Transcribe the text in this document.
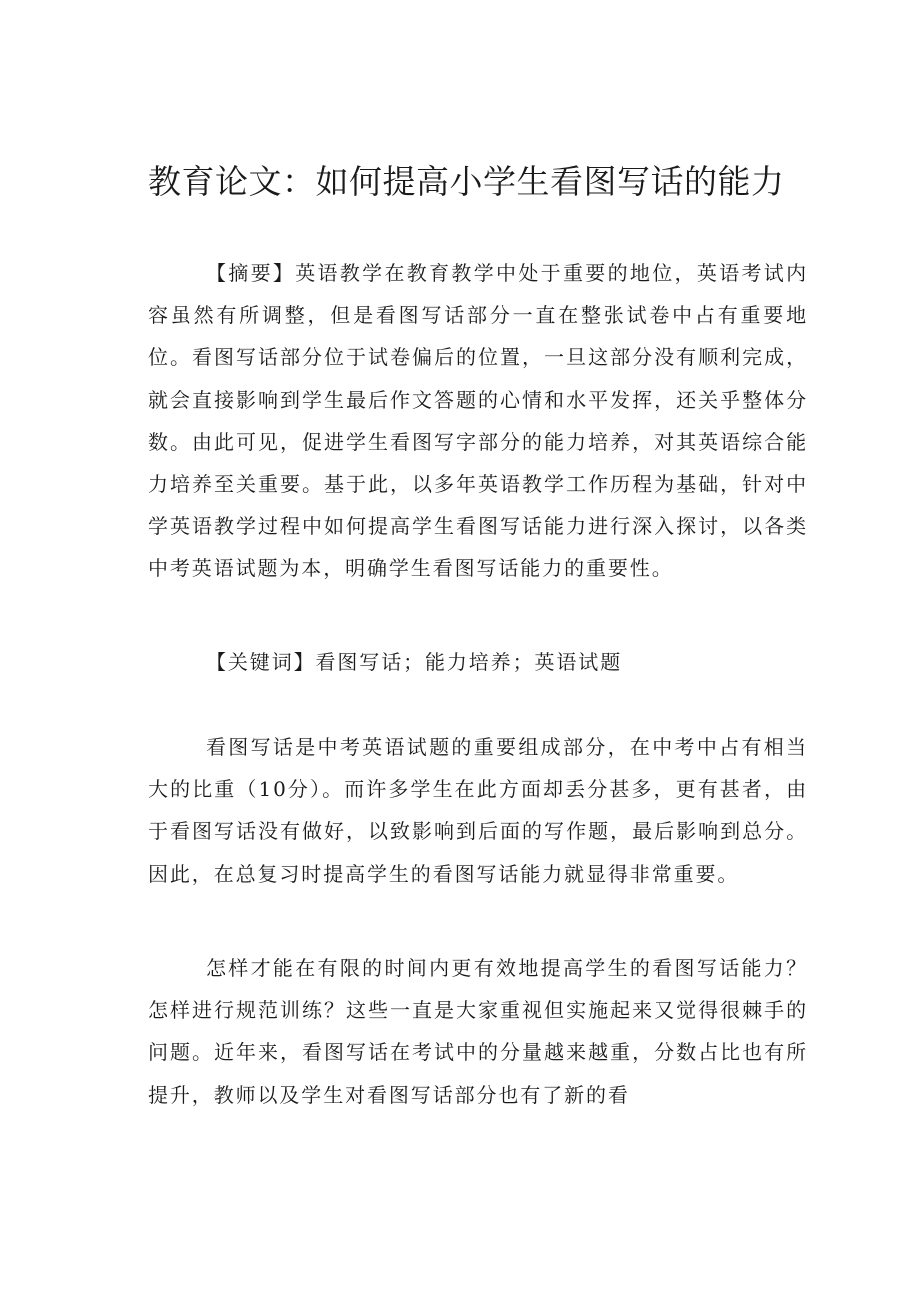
教育论文：如何提高小学生看图写话的能力

【摘要】英语教学在教育教学中处于重要的地位，英语考试内容虽然有所调整，但是看图写话部分一直在整张试卷中占有重要地位。看图写话部分位于试卷偏后的位置，一旦这部分没有顺利完成，就会直接影响到学生最后作文答题的心情和水平发挥，还关乎整体分数。由此可见，促进学生看图写字部分的能力培养，对其英语综合能力培养至关重要。基于此，以多年英语教学工作历程为基础，针对中学英语教学过程中如何提高学生看图写话能力进行深入探讨，以各类中考英语试题为本，明确学生看图写话能力的重要性。

【关键词】看图写话；能力培养；英语试题

看图写话是中考英语试题的重要组成部分，在中考中占有相当大的比重（10分）。而许多学生在此方面却丢分甚多，更有甚者，由于看图写话没有做好，以致影响到后面的写作题，最后影响到总分。因此，在总复习时提高学生的看图写话能力就显得非常重要。

怎样才能在有限的时间内更有效地提高学生的看图写话能力？怎样进行规范训练？这些一直是大家重视但实施起来又觉得很棘手的问题。近年来，看图写话在考试中的分量越来越重，分数占比也有所提升，教师以及学生对看图写话部分也有了新的看
